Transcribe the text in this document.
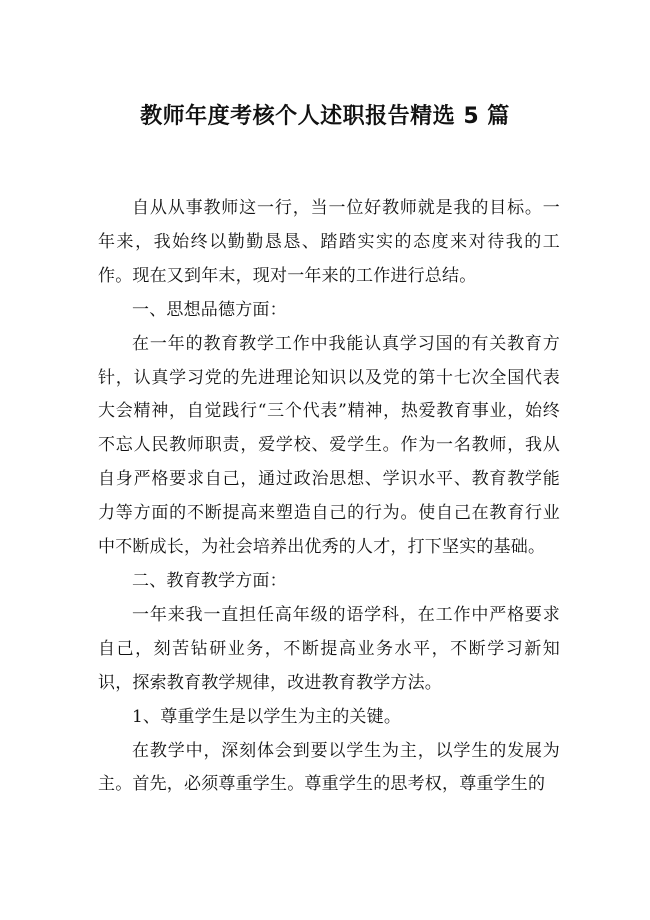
教师年度考核个人述职报告精选 5 篇

自从从事教师这一行，当一位好教师就是我的目标。一年来，我始终以勤勤恳恳、踏踏实实的态度来对待我的工作。现在又到年末，现对一年来的工作进行总结。

一、思想品德方面：

在一年的教育教学工作中我能认真学习国的有关教育方针，认真学习党的先进理论知识以及党的第十七次全国代表大会精神，自觉践行“三个代表”精神，热爱教育事业，始终不忘人民教师职责，爱学校、爱学生。作为一名教师，我从自身严格要求自己，通过政治思想、学识水平、教育教学能力等方面的不断提高来塑造自己的行为。使自己在教育行业中不断成长，为社会培养出优秀的人才，打下坚实的基础。

二、教育教学方面：

一年来我一直担任高年级的语学科，在工作中严格要求自己，刻苦钻研业务，不断提高业务水平，不断学习新知识，探索教育教学规律，改进教育教学方法。

1、尊重学生是以学生为主的关键。

在教学中，深刻体会到要以学生为主，以学生的发展为主。首先，必须尊重学生。尊重学生的思考权，尊重学生的
